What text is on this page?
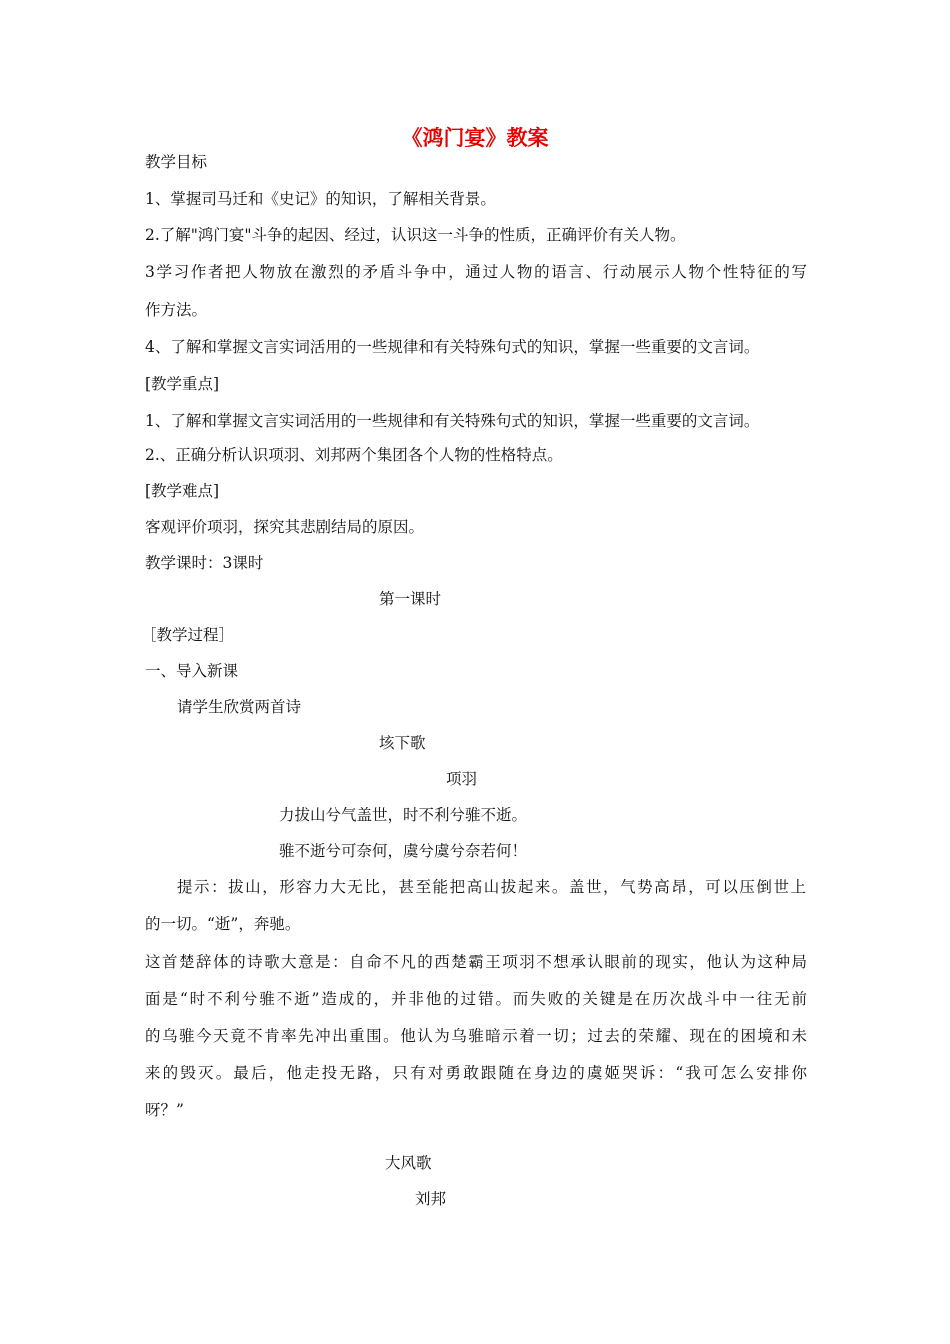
《鸿门宴》教案

教学目标

1、掌握司马迁和《史记》的知识，了解相关背景。

2.了解"鸿门宴"斗争的起因、经过，认识这一斗争的性质，正确评价有关人物。

3学习作者把人物放在激烈的矛盾斗争中，通过人物的语言、行动展示人物个性特征的写

作方法。

4、了解和掌握文言实词活用的一些规律和有关特殊句式的知识，掌握一些重要的文言词。

[教学重点]

1、了解和掌握文言实词活用的一些规律和有关特殊句式的知识，掌握一些重要的文言词。

2.、正确分析认识项羽、刘邦两个集团各个人物的性格特点。

[教学难点]

客观评价项羽，探究其悲剧结局的原因。

教学课时：3课时

第一课时

［教学过程］

一、导入新课

请学生欣赏两首诗

垓下歌

项羽

力拔山兮气盖世，时不利兮骓不逝。

骓不逝兮可奈何，虞兮虞兮奈若何！

提示：拔山，形容力大无比，甚至能把高山拔起来。盖世，气势高昂，可以压倒世上

的一切。“逝”，奔驰。

这首楚辞体的诗歌大意是：自命不凡的西楚霸王项羽不想承认眼前的现实，他认为这种局

面是“时不利兮骓不逝”造成的，并非他的过错。而失败的关键是在历次战斗中一往无前

的乌骓今天竟不肯率先冲出重围。他认为乌骓暗示着一切；过去的荣耀、现在的困境和未

来的毁灭。最后，他走投无路，只有对勇敢跟随在身边的虞姬哭诉：“我可怎么安排你

呀？”

大风歌

刘邦
